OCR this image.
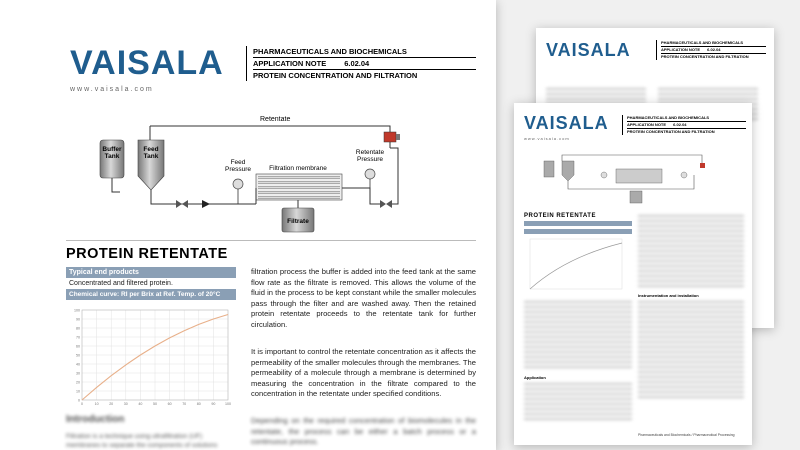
VAISALA	PHARMACEUTICALS AND BIOCHEMICALS
APPLICATION NOTE 6.02.04
PROTEIN CONCENTRATION AND FILTRATION
VAISALA
www.vaisala.com
PHARMACEUTICALS AND BIOCHEMICALS
APPLICATION NOTE 6.02.04
PROTEIN CONCENTRATION AND FILTRATION
PROTEIN RETENTATE
Application
Instrumentation and installation
Pharmaceuticals and Biochemicals / Pharmaceutical Processing
VAISALA
www.vaisala.com
PHARMACEUTICALS AND BIOCHEMICALS
APPLICATION NOTE 6.02.04
PROTEIN CONCENTRATION AND FILTRATION
Retentate
Buffer Tank
Feed Tank
Feed Pressure	Filtration membrane
Filtrate
Retentate Pressure
PROTEIN RETENTATE
Typical end products
Concentrated and filtered protein.
Chemical curve: RI per Brix at Ref. Temp. of 20°C
0
10
20
30
40
50
60
70
80
90
100
0	10	20	30	40	50	60	70	80	90	100
Introduction
Filtration is a technique using ultrafiltration (UF) membranes to separate the components of solutions
filtration process the buffer is added into the feed tank at the same flow rate as the filtrate is removed. This allows the volume of the fluid in the process to be kept constant while the smaller molecules pass through the filter and are washed away. Then the retained protein retentate proceeds to the retentate tank for further circulation.
It is important to control the retentate concentration as it affects the permeability of the smaller molecules through the membranes. The permeability of a molecule through a membrane is determined by measuring the concentration in the filtrate compared to the concentration in the retentate under specified conditions.
Depending on the required concentration of biomolecules in the retentate, the process can be either a batch process or a continuous process.
